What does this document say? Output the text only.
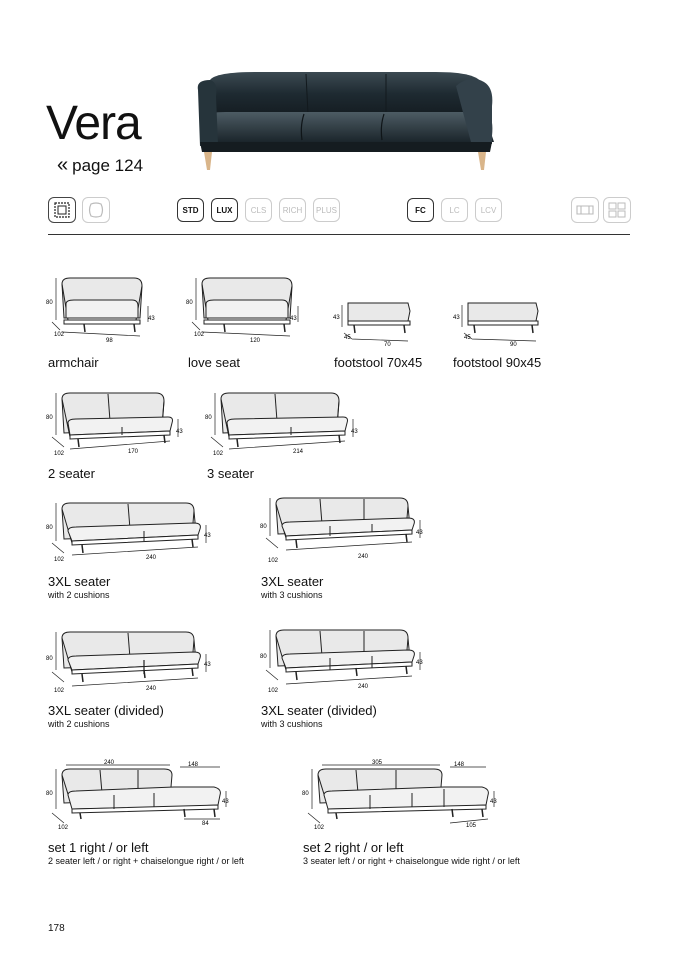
Vera
« page 124
STD	LUX	CLS	RICH	PLUS	FC	LC	LCV
80
43
102
98
armchair
80
43
102
120
love seat
43
45
70
footstool 70x45
43
45
90
footstool 90x45
80
43
102	170
2 seater
80
43
102	214
3 seater
80
43
102	240
3XL seater
with 2 cushions
80
43
102
240
3XL seater
with 3 cushions
80
43
102	240
3XL seater (divided)
with 2 cushions
80
43
102
240
3XL seater (divided)
with 3 cushions
240	148
80
43
102
84
set 1 right / or left
2 seater left / or right + chaiselongue right / or left
305	148
80
43
102	105
set 2 right / or left
3 seater left / or right + chaiselongue wide right / or left
178
